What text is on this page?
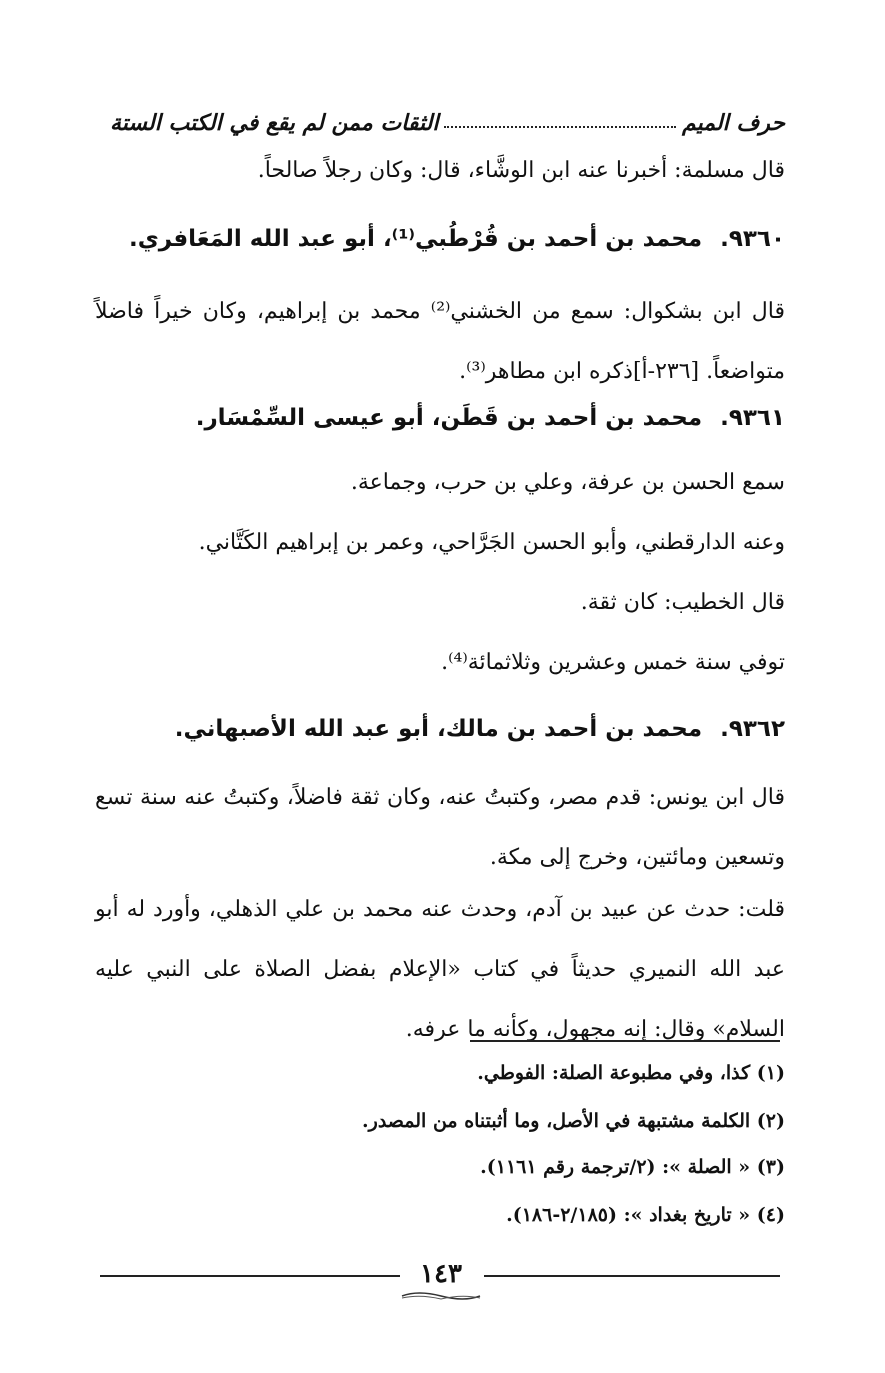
حرف الميم
الثقات ممن لم يقع في الكتب الستة
قال مسلمة: أخبرنا عنه ابن الوشَّاء، قال: وكان رجلاً صالحاً.
٩٣٦٠.محمد بن أحمد بن قُرْطُبي⁽¹⁾، أبو عبد الله المَعَافري.
قال ابن بشكوال: سمع من الخشني⁽²⁾ محمد بن إبراهيم، وكان خيراً فاضلاً متواضعاً. [٢٣٦-أ]ذكره ابن مطاهر⁽³⁾.
٩٣٦١.محمد بن أحمد بن قَطَن، أبو عيسى السِّمْسَار.
سمع الحسن بن عرفة، وعلي بن حرب، وجماعة.
وعنه الدارقطني، وأبو الحسن الجَرَّاحي، وعمر بن إبراهيم الكَتَّاني.
قال الخطيب: كان ثقة.
توفي سنة خمس وعشرين وثلاثمائة⁽⁴⁾.
٩٣٦٢.محمد بن أحمد بن مالك، أبو عبد الله الأصبهاني.
قال ابن يونس: قدم مصر، وكتبتُ عنه، وكان ثقة فاضلاً، وكتبتُ عنه سنة تسع وتسعين ومائتين، وخرج إلى مكة.
قلت: حدث عن عبيد بن آدم، وحدث عنه محمد بن علي الذهلي، وأورد له أبو عبد الله النميري حديثاً في كتاب «الإعلام بفضل الصلاة على النبي عليه السلام» وقال: إنه مجهول، وكأنه ما عرفه.
(١) كذا، وفي مطبوعة الصلة: الفوطي.
(٢) الكلمة مشتبهة في الأصل، وما أثبتناه من المصدر.
(٣) « الصلة »: (٢/ترجمة رقم ١١٦١).
(٤) « تاريخ بغداد »: (٢/١٨٥-١٨٦).
١٤٣
